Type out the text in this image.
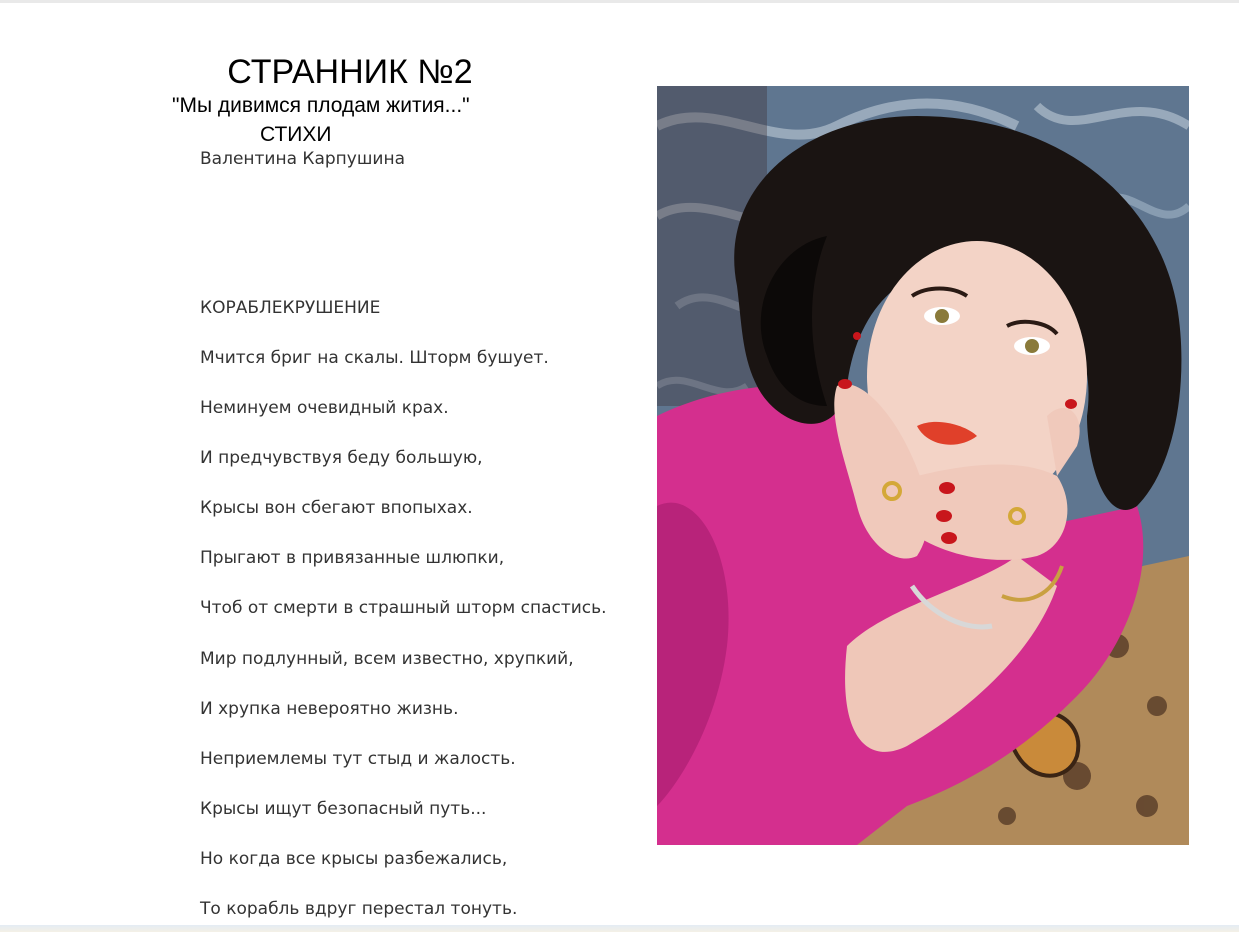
СТРАННИК №2
"Мы дивимся плодам жития..."
СТИХИ
Валентина Карпушина
КОРАБЛЕКРУШЕНИЕ
Мчится бриг на скалы. Шторм бушует.
Неминуем очевидный крах.
И предчувствуя беду большую,
Крысы вон сбегают впопыхах.
Прыгают в привязанные шлюпки,
Чтоб от смерти в страшный шторм спастись.
Мир подлунный, всем известно, хрупкий,
И хрупка невероятно жизнь.
Неприемлемы тут стыд и жалость.
Крысы ищут безопасный путь...
Но когда все крысы разбежались,
То корабль вдруг перестал тонуть.
